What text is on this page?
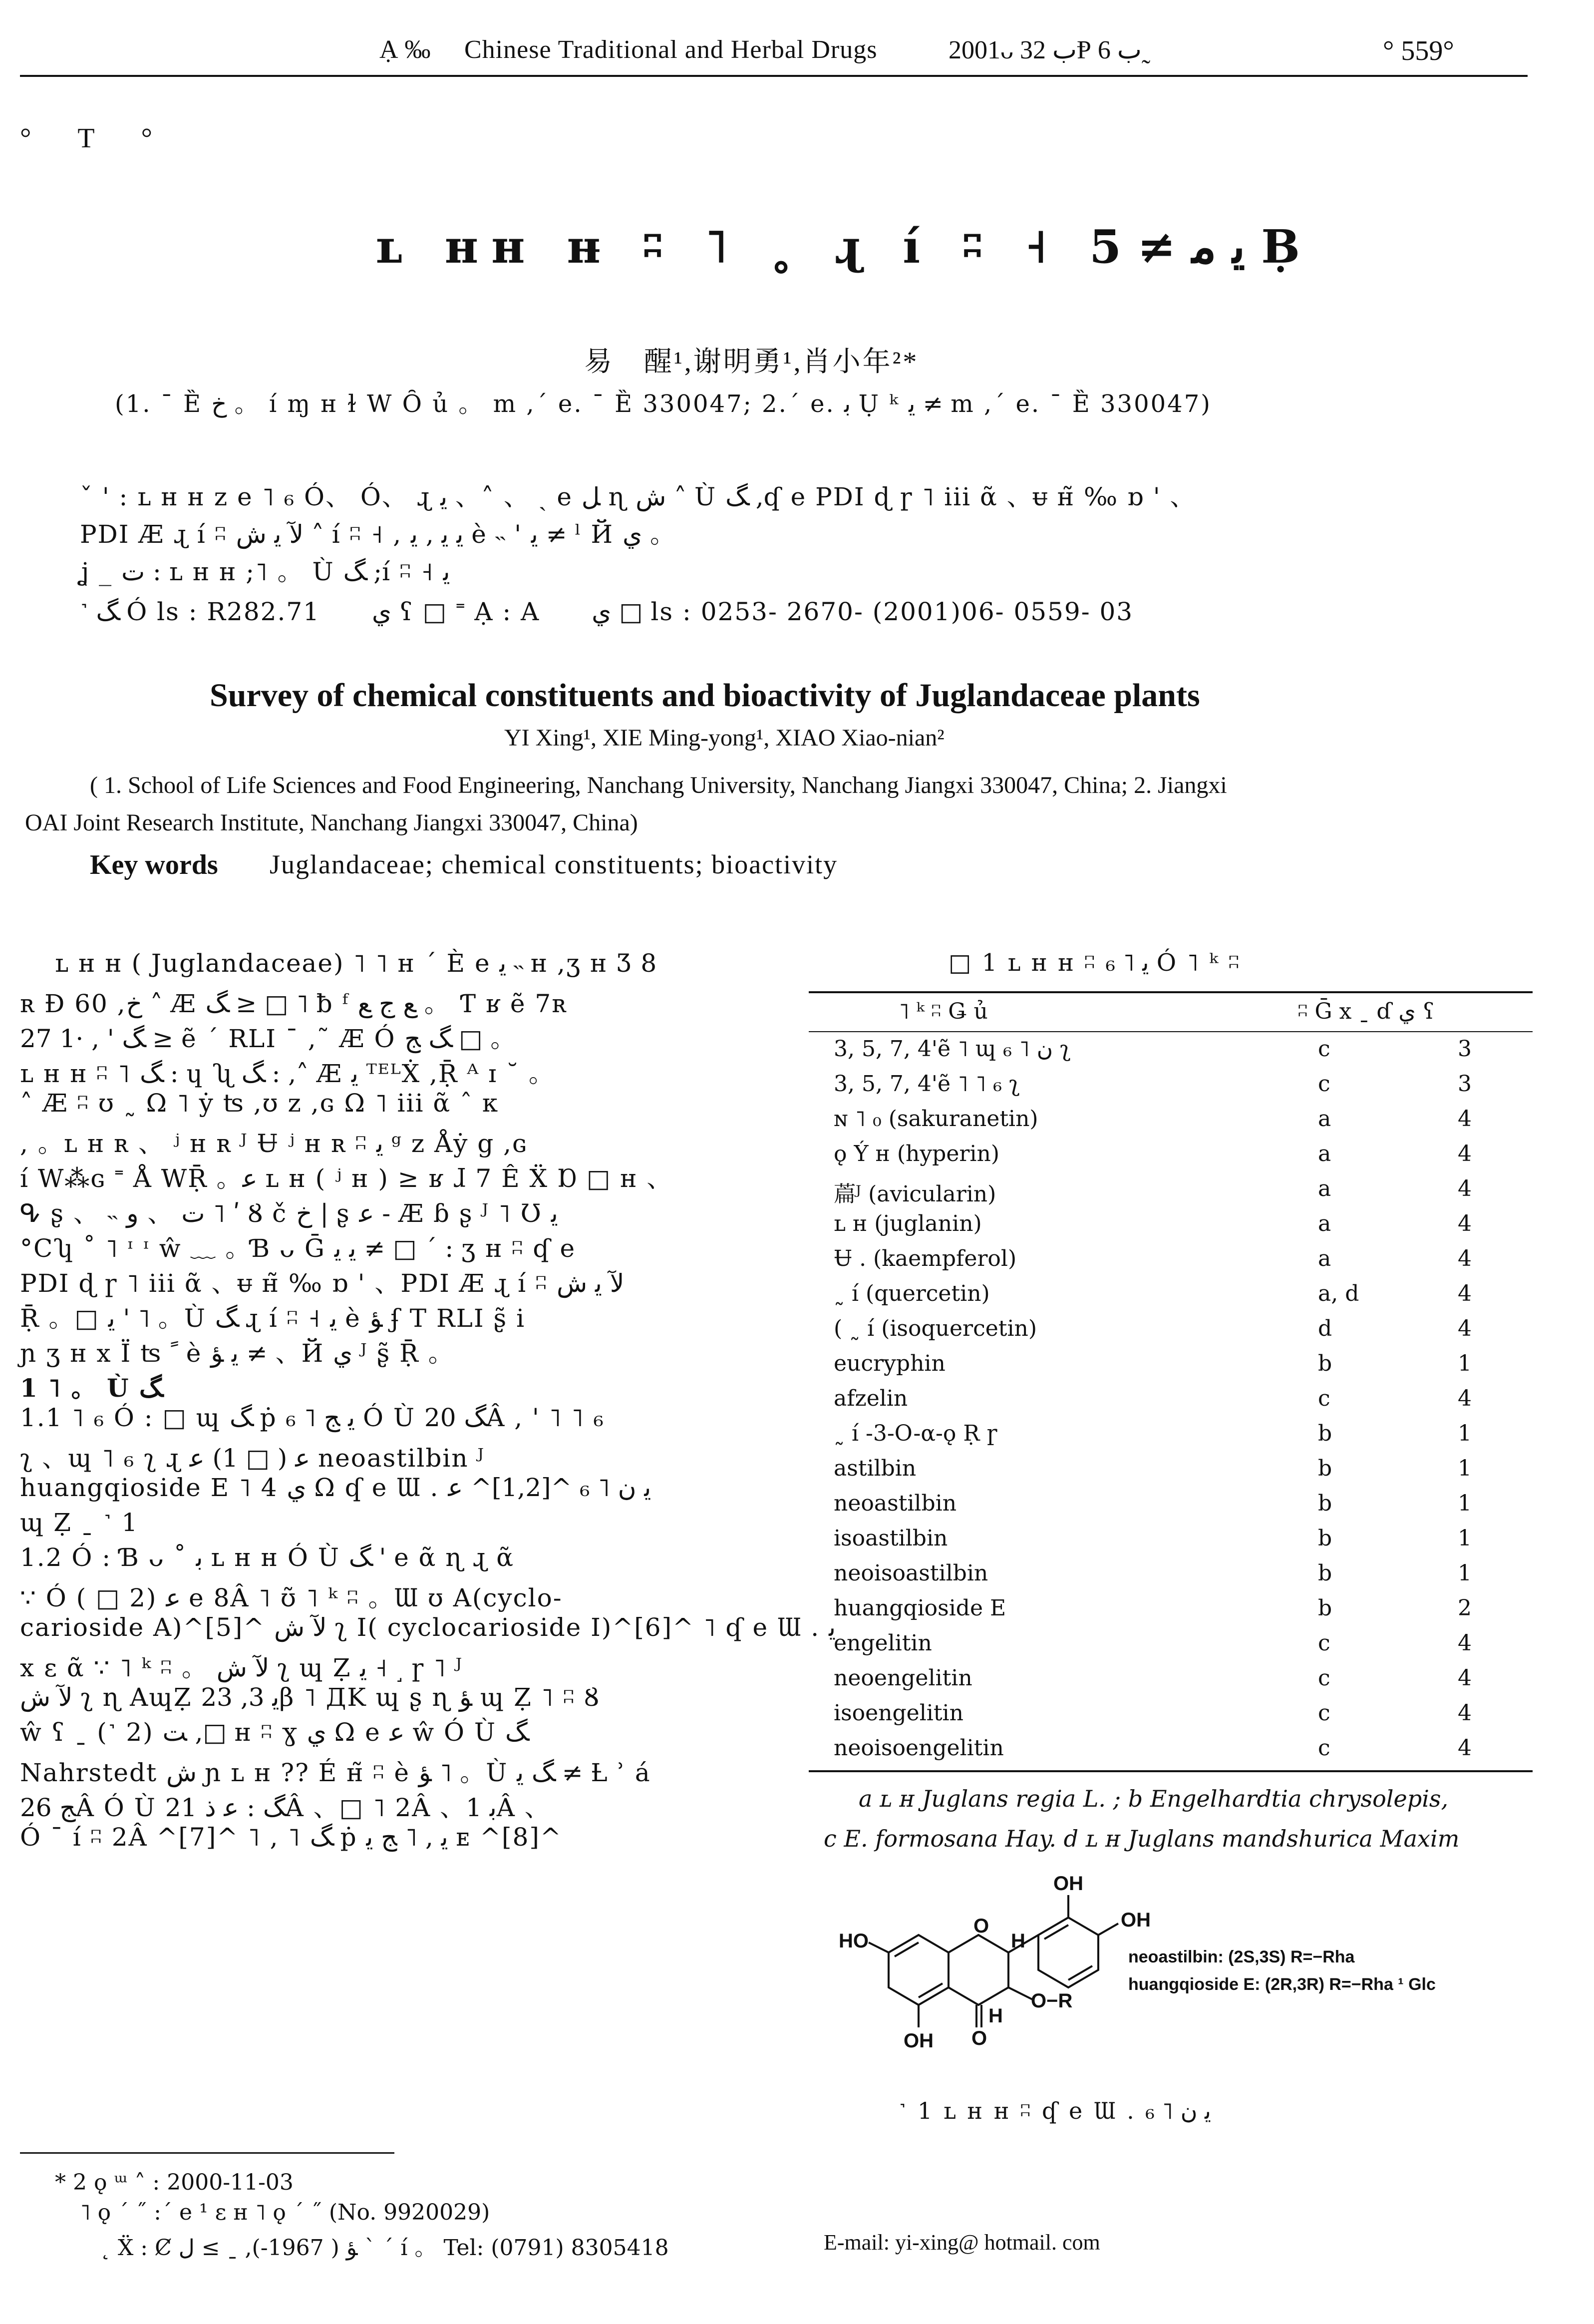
Ạ ‰ Chinese Traditional and Herbal Drugs	2001ᴗ ﺏ 32Ᵽ ﺏ 6˷	° 559°
° T °
ʟ ʜʜ ʜ̵ ʭ ˥ ˳ ɻ í ʭ ˧ ﯾ ﻣ ≠ 5 Ḅ
易　醒¹,谢明勇¹,肖小年²*
(1. ¯ Ȅ ﺥ 。 í ɱ ʜ ɫ W Ȏ ủ 。 m ,´ e. ¯ Ȅ 330047; 2.´ e. ﺑ Ụ ᵏ ﯾ ≠ m ,´ e. ¯ Ȅ 330047)
ˇ ' : ʟ ʜ ʜ z e ˥ ₆ Ó、 Ó、 ɻ ﯾ 、˄ 、 ˏ e ﻞ ɳ ﺵ ˄ Ù ﮓ ,ʠ e PDI ɖ ɼ ˥ iii ᾶ 、ᵾ ʜ̃ ‰ ɒ ' 、
PDI Æ ɻ í ʭ ﻵ ﯾ ﺵ ˄ í ʭ ˧ , ﯾ ﻳ , ﻳ è ˵ ' ﯾ ≠ ˡ Й ﻱ 。
ʝ _ ﺕ : ʟ ʜ ʜ ;˥ 。 Ù ﮓ ;í ʭ ˧ ﯾ
˺ ﮓ Ó ls : R282.71　　ﻱ ʕ □ ˭ Ạ : A　　ﻱ □ ls : 0253- 2670- (2001)06- 0559- 03
Survey of chemical constituents and bioactivity of Juglandaceae plants
YI Xing¹, XIE Ming-yong¹, XIAO Xiao-nian²
( 1. School of Life Sciences and Food Engineering, Nanchang University, Nanchang Jiangxi 330047, China; 2. Jiangxi
OAI Joint Research Institute, Nanchang Jiangxi 330047, China)
Key words Juglandaceae; chemical constituents; bioactivity
ʟ ʜ ʜ ( Juglandaceae) ˥ ˥ ʜ ´ È e ﻳ ˵ ʜ ,ʒ ʜ Ʒ 8
ʀ Ɖ 60 ,ﺥ ˄ Æ ﮓ ≥ □ ˥ ƀ ᶠ ﻊ ﺝ ﻊ 。 Ƭ ʁ ẽ 7ʀ
27 1· , ' ﮓ ≥ ẽ ´ RLI ¯ ,˜ Æ Ó ﮓ ﺞ □ 。
ʟ ʜ ʜ ʭ ˥ ﮓ : ɥ ʯ ﮓ : ,˄ Æ ﻳ ᵀᴱᴸẊ ,Ṝ ᴬ ɪ ˘ 。
˄ Æ ʭ ʊ ˷ Ω ˥ ẏ ʦ ,ʊ z ,ɢ Ω ˥ iii ᾶ ˆ ᴋ
, 。ʟ ʜ ʀ 、 ʲ ʜ ʀ ᴶ Ʉ ʲ ʜ ʀ ʭ ﻳ ᵍ z Åẏ g ,ɢ
í W⁂ɢ ˭ Å WṜ 。ﻋ ʟ ʜ ( ʲ ʜ ) ≥ ʁ ɺ 7 Ê Ẍ Ɒ □ ʜ 、
ᕴ ʂ 、 ˵ ﺕ 、 ﻭ ˥ ʹ Ȣ č ﺥ | ʂ ﻋ - Æ ɓ ʂ ᴶ ˥ Ʊ ﻳ
°Cʮ ˚ ˥ ᶦ ᶦ ŵ ﹏ 。Ɓ ᴗ Ḡ ﻳ ﯾ ≠ □ ´ : ʒ ʜ ʭ ʠ e
PDI ɖ ɼ ˥ iii ᾶ 、ᵾ ʜ̃ ‰ ɒ ' 、PDI Æ ɻ í ʭ ﻵ ﯾ ﺵ
Ṝ 。□ ﻳ ' ˥ 。Ù ﮓ ɻ í ʭ ˧ ﯾ è ﺆ ʄ T RLI ʂ̃ i
ɲ ʒ ʜ x Ï ʦ ﹰ è ﯾ ﺆ ≠ 、Й ﻱ ᴶ ʂ̃ Ṝ 。
1 ˥ 。 Ù ﮓ
1.1 ˥ ₆ Ó : □ ɰ ﮓ ṗ ﻳ ﺞ ˥ ₆ Ó Ù ﮓ 20Â , ' ˥ ˥ ₆
ʅ 、ɰ ˥ ₆ ʅ ɻ ﻋ ( □ 1) ﻋ neoastilbin ᴶ
huangqioside E ˥ 4 ﻱ Ω ʠ e Ɯ . ﻳ ﻥ ˥ ₆ ^[1,2]^ ﻋ
ɰ Ẓ ˍ ˺ 1
1.2 Ó : Ɓ ᴗ ˚ ﺑ ʟ ʜ ʜ Ó Ù ﮓ ' e ᾶ ɳ ɻ ᾶ
∵ Ó ( □ 2) ﻋ e 8Â ˥ ʊ̃ ˥ ᵏ ʭ 。Ɯ ʊ A(cyclo-
carioside A)^[5]^ ﻵ ﺵ ʅ I( cyclocarioside I)^[6]^ ˥ ʠ e Ɯ . ﻳ
x ɛ ᾶ ∵ ˥ ᵏ ʭ 。 ﻵ ﺵ ʅ ɰ Ẓ ﻳ ˧ ˼ ɼ ˥ ᴶ
ﻵ ﺵ ʅ ɳ AɰẒ ﻳ 3, 23β ˥ ДK ɰ ʂ ɳ ﺆ ɰ Ẓ ˥ ʭ Ȣ
ŵ ʕ ˍ (˺ 2) ﺖ ,□ ʜ ʭ ɣ ﻱ Ω e ﻋ ŵ Ó Ù ﮓ
Nahrstedt ﺵ ɲ ʟ ʜ ?? É ʜ̃ ʭ è ﺆ ˥ 。Ù ﮓ ﯾ ≠ Ƚ ʾ á
ﺞ 26Â Ó Ù ﮓ : ﻋ ﺫ 21Â 、□ ˥ 2Â 、ﺑ 1Â 、
Ó ¯ í ʭ 2Â ^[7]^ ˥ , ˥ ﮓ ṗ ﻳ , ˥ ﺞ ﻳ ᴇ ^[8]^
□ 1 ʟ ʜ ʜ ʭ ﻳ ˥ ₆ Ó ˥ ᵏ ʭ
˥ ᵏ ʭ Ǥ ủ	ʭ Ḡ x ˍ ɗ ﻱ ʕ
3, 5, 7, 4'ẽ ˥ ɰ ﻥ ˥ ₆ ʅ	c	3
3, 5, 7, 4'ẽ ˥ ˥ ₆ ʅ	c	3
ɴ ˥ ₀ (sakuranetin)	a	4
ǫ Ý ʜ (hyperin)	a	4
萹ᴶ (avicularin)	a	4
ʟ ʜ (juglanin)	a	4
Ʉ . (kaempferol)	a	4
˷ í (quercetin)	a, d	4
( ˷ í (isoquercetin)	d	4
eucryphin	b	1
afzelin	c	4
˷ í -3-O-α-ǫ Ṛ ɼ	b	1
astilbin	b	1
neoastilbin	b	1
isoastilbin	b	1
neoisoastilbin	b	1
huangqioside E	b	2
engelitin	c	4
neoengelitin	c	4
isoengelitin	c	4
neoisoengelitin	c	4
a ʟ ʜ Juglans regia L. ; b Engelhardtia chrysolepis,
c E. formosana Hay. d ʟ ʜ Juglans mandshurica Maxim
HO
OH
OH
OH
O
O
O−R
H
H
neoastilbin: (2S,3S) R=−Rha
huangqioside E: (2R,3R) R=−Rha ¹ Glc
˺ 1 ʟ ʜ ʜ ʭ ʠ e Ɯ . ﻳ ﻥ ˥ ₆
* 2 ǫ ᵚ ˄ : 2000-11-03
˥ ǫ ´ ˝ :´ e ¹ ɛ ʜ ˥ ǫ ´ ˝ (No. 9920029)
˛ Ẍ : Ȼ ﺆ ( 1967-), ˍ ≥ ﻝ ˋ ˊ í 。 Tel: (0791) 8305418	E-mail: yi-xing@ hotmail. com
